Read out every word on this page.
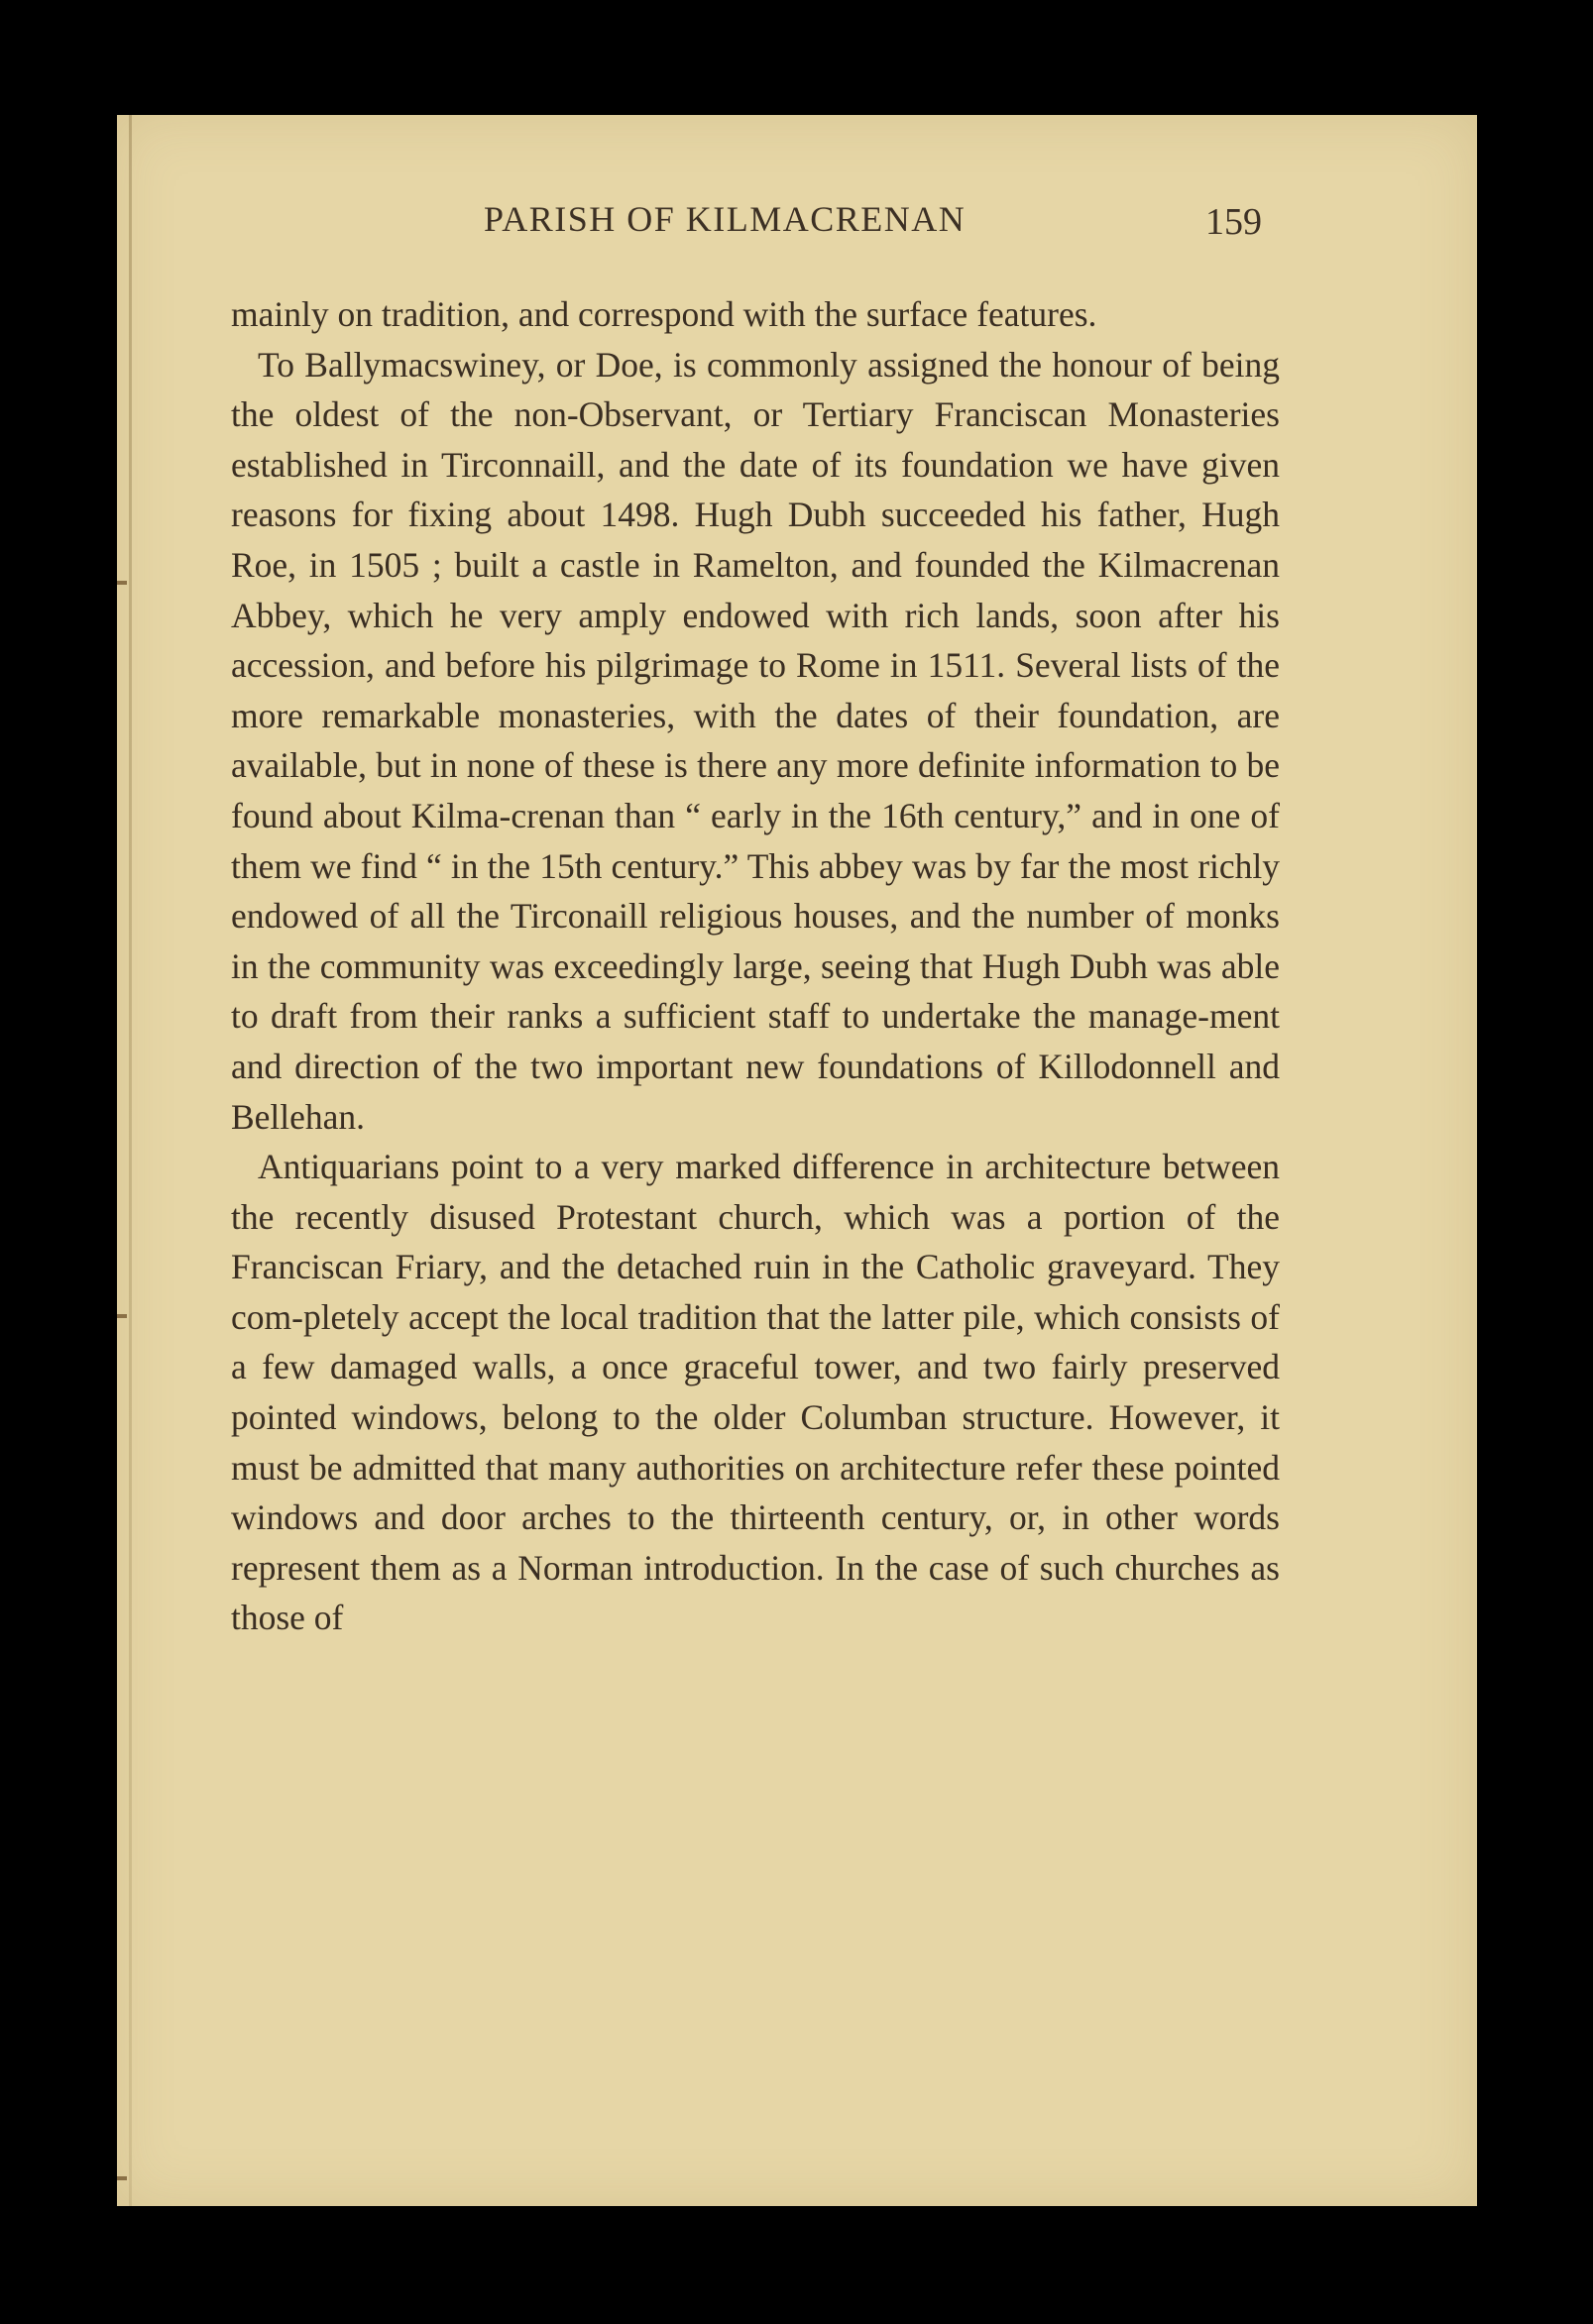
PARISH OF KILMACRENAN	159

mainly on tradition, and correspond with the surface features.

To Ballymacswiney, or Doe, is commonly assigned the honour of being the oldest of the non-Observant, or Tertiary Franciscan Monasteries established in Tirconnaill, and the date of its foundation we have given reasons for fixing about 1498. Hugh Dubh succeeded his father, Hugh Roe, in 1505 ; built a castle in Ramelton, and founded the Kilmacrenan Abbey, which he very amply endowed with rich lands, soon after his accession, and before his pilgrimage to Rome in 1511. Several lists of the more remarkable monasteries, with the dates of their foundation, are available, but in none of these is there any more definite information to be found about Kilma-crenan than “ early in the 16th century,” and in one of them we find “ in the 15th century.” This abbey was by far the most richly endowed of all the Tirconaill religious houses, and the number of monks in the community was exceedingly large, seeing that Hugh Dubh was able to draft from their ranks a sufficient staff to undertake the manage-ment and direction of the two important new foundations of Killodonnell and Bellehan.

Antiquarians point to a very marked difference in architecture between the recently disused Protestant church, which was a portion of the Franciscan Friary, and the detached ruin in the Catholic graveyard. They com-pletely accept the local tradition that the latter pile, which consists of a few damaged walls, a once graceful tower, and two fairly preserved pointed windows, belong to the older Columban structure. However, it must be admitted that many authorities on architecture refer these pointed windows and door arches to the thirteenth century, or, in other words represent them as a Norman introduction. In the case of such churches as those of
